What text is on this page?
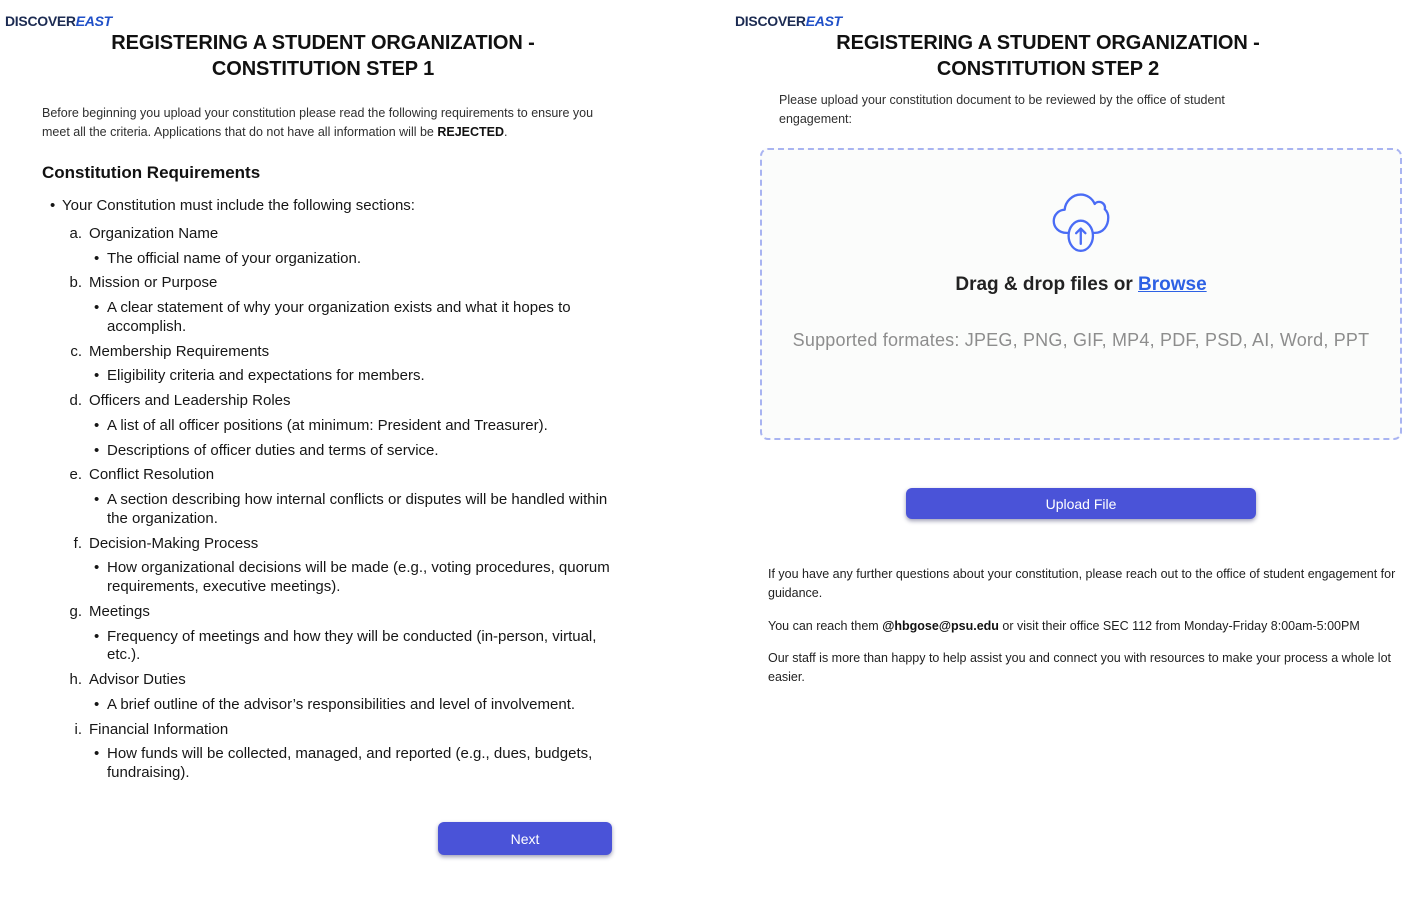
DISCOVEREAST
REGISTERING A STUDENT ORGANIZATION -
CONSTITUTION STEP 1
Before beginning you upload your constitution please read the following requirements to ensure you meet all the criteria. Applications that do not have all information will be REJECTED.
Constitution Requirements
• Your Constitution must include the following sections:
a. Organization Name
• The official name of your organization.
b. Mission or Purpose
• A clear statement of why your organization exists and what it hopes to accomplish.
c. Membership Requirements
• Eligibility criteria and expectations for members.
d. Officers and Leadership Roles
• A list of all officer positions (at minimum: President and Treasurer).
• Descriptions of officer duties and terms of service.
e. Conflict Resolution
• A section describing how internal conflicts or disputes will be handled within the organization.
f. Decision-Making Process
• How organizational decisions will be made (e.g., voting procedures, quorum requirements, executive meetings).
g. Meetings
• Frequency of meetings and how they will be conducted (in-person, virtual, etc.).
h. Advisor Duties
• A brief outline of the advisor’s responsibilities and level of involvement.
i. Financial Information
• How funds will be collected, managed, and reported (e.g., dues, budgets, fundraising).
Next
DISCOVEREAST
REGISTERING A STUDENT ORGANIZATION -
CONSTITUTION STEP 2
Please upload your constitution document to be reviewed by the office of student engagement:
Drag & drop files or Browse
Supported formates: JPEG, PNG, GIF, MP4, PDF, PSD, AI, Word, PPT
Upload File

If you have any further questions about your constitution, please reach out to the office of student engagement for guidance.

You can reach them @hbgose@psu.edu or visit their office SEC 112 from Monday-Friday 8:00am-5:00PM

Our staff is more than happy to help assist you and connect you with resources to make your process a whole lot easier.
